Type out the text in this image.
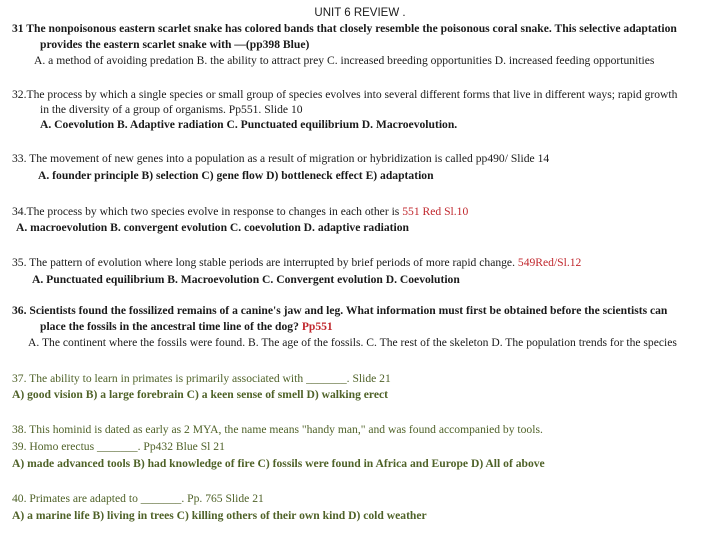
UNIT 6 REVIEW .
31 The nonpoisonous eastern scarlet snake has colored bands that closely resemble the poisonous coral snake. This selective adaptation
provides the eastern scarlet snake with —(pp398 Blue)
A. a method of avoiding predation B. the ability to attract prey C. increased breeding opportunities D. increased feeding opportunities
32.The process by which a single species or small group of species evolves into several different forms that live in different ways; rapid growth
in the diversity of a group of organisms. Pp551. Slide 10
A. Coevolution B. Adaptive radiation C. Punctuated equilibrium D. Macroevolution.
33. The movement of new genes into a population as a result of migration or hybridization is called pp490/ Slide 14
A. founder principle B) selection C) gene flow D) bottleneck effect E) adaptation
34.The process by which two species evolve in response to changes in each other is 551 Red Sl.10
A. macroevolution B. convergent evolution C. coevolution D. adaptive radiation
35. The pattern of evolution where long stable periods are interrupted by brief periods of more rapid change. 549Red/Sl.12
A. Punctuated equilibrium B. Macroevolution C. Convergent evolution D. Coevolution
36. Scientists found the fossilized remains of a canine's jaw and leg. What information must first be obtained before the scientists can
place the fossils in the ancestral time line of the dog? Pp551
A. The continent where the fossils were found. B. The age of the fossils. C. The rest of the skeleton D. The population trends for the species
37. The ability to learn in primates is primarily associated with _______. Slide 21
A) good vision B) a large forebrain C) a keen sense of smell D) walking erect
38. This hominid is dated as early as 2 MYA, the name means "handy man," and was found accompanied by tools.
39. Homo erectus _______. Pp432 Blue Sl 21
A) made advanced tools B) had knowledge of fire C) fossils were found in Africa and Europe D) All of above
40. Primates are adapted to _______. Pp. 765 Slide 21
A) a marine life B) living in trees C) killing others of their own kind D) cold weather
